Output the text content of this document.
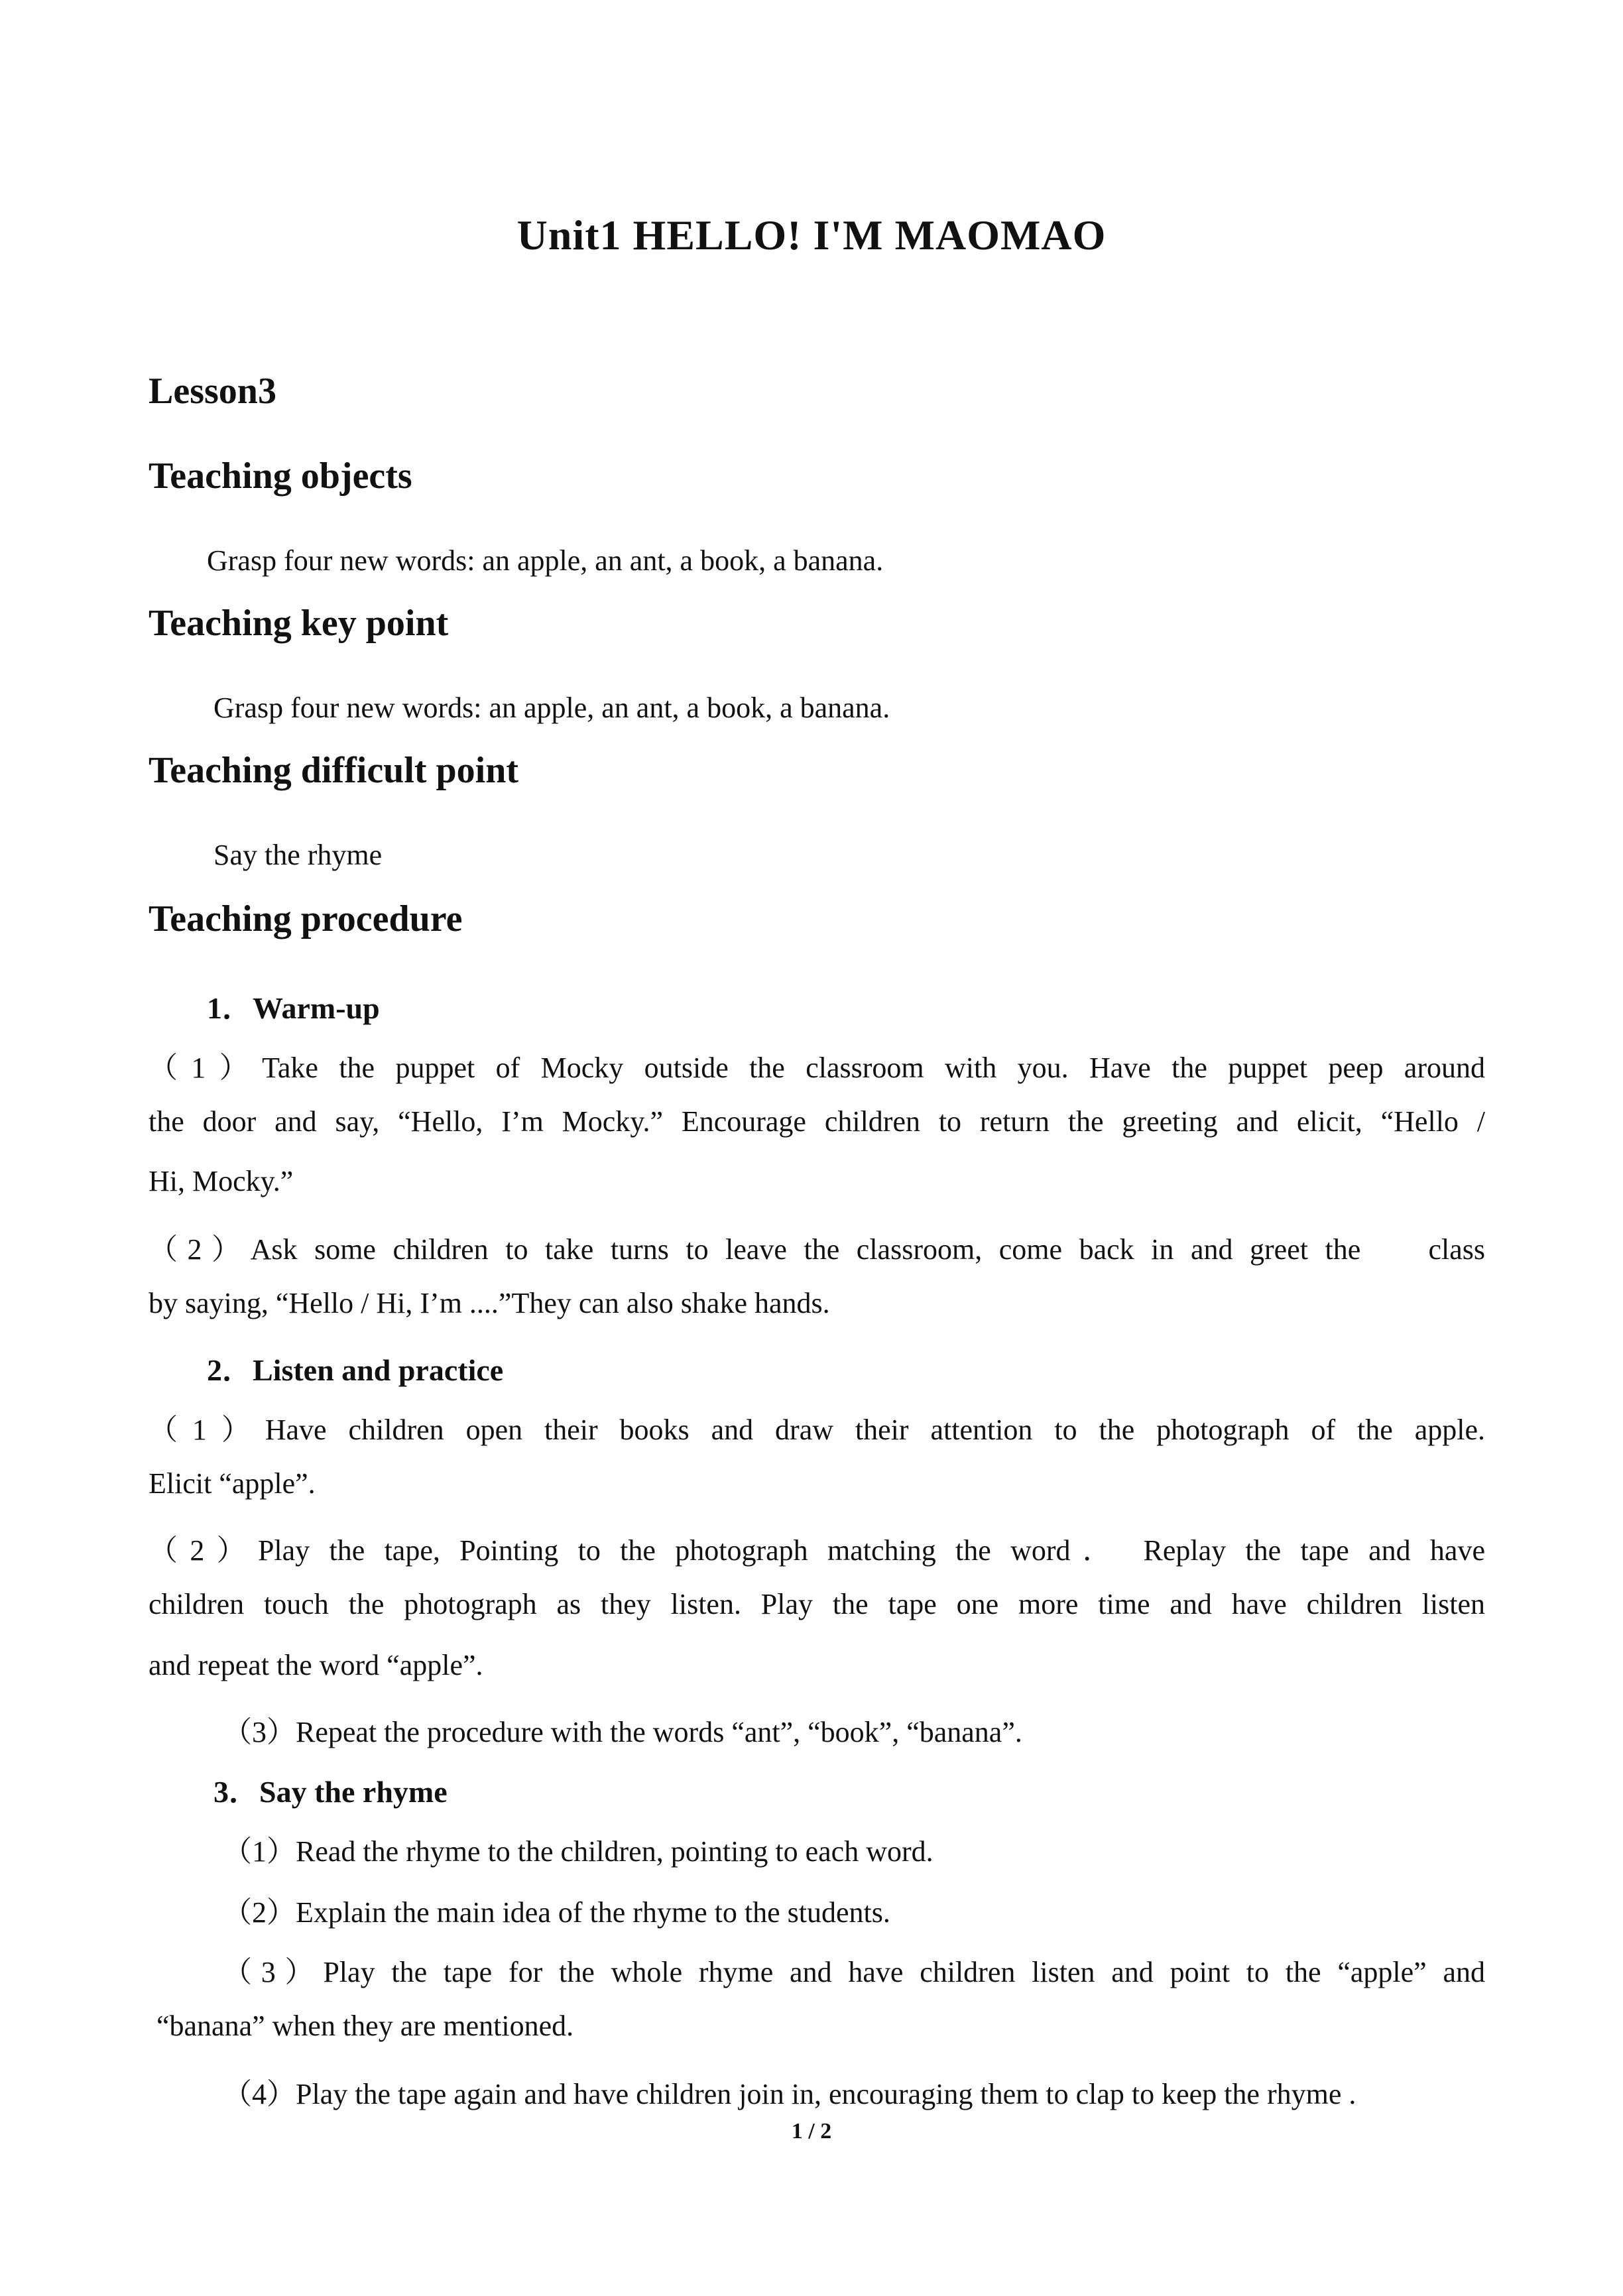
Unit1 HELLO! I'M MAOMAO
Lesson3
Teaching objects
Grasp four new words: an apple, an ant, a book, a banana.
Teaching key point
Grasp four new words: an apple, an ant, a book, a banana.
Teaching difficult point
Say the rhyme
Teaching procedure
1．Warm-up
（1）Take the puppet of Mocky outside the classroom with you. Have the puppet peep around
the door and say, “Hello, I’m Mocky.” Encourage children to return the greeting and elicit, “Hello /
Hi, Mocky.”
（2）Ask some children to take turns to leave the classroom, come back in and greet the    class
by saying, “Hello / Hi, I’m ....”They can also shake hands.
2．Listen and practice
（1）Have children open their books and draw their attention to the photograph of the apple.
Elicit “apple”.
（2）Play the tape, Pointing to the photograph matching the word． Replay the tape and have
children touch the photograph as they listen. Play the tape one more time and have children listen
and repeat the word “apple”.
（3）Repeat the procedure with the words “ant”, “book”, “banana”.
3．Say the rhyme
（1）Read the rhyme to the children, pointing to each word.
（2）Explain the main idea of the rhyme to the students.
（3）Play the tape for the whole rhyme and have children listen and point to the “apple” and
“banana” when they are mentioned.
（4）Play the tape again and have children join in, encouraging them to clap to keep the rhyme .
1 / 2
